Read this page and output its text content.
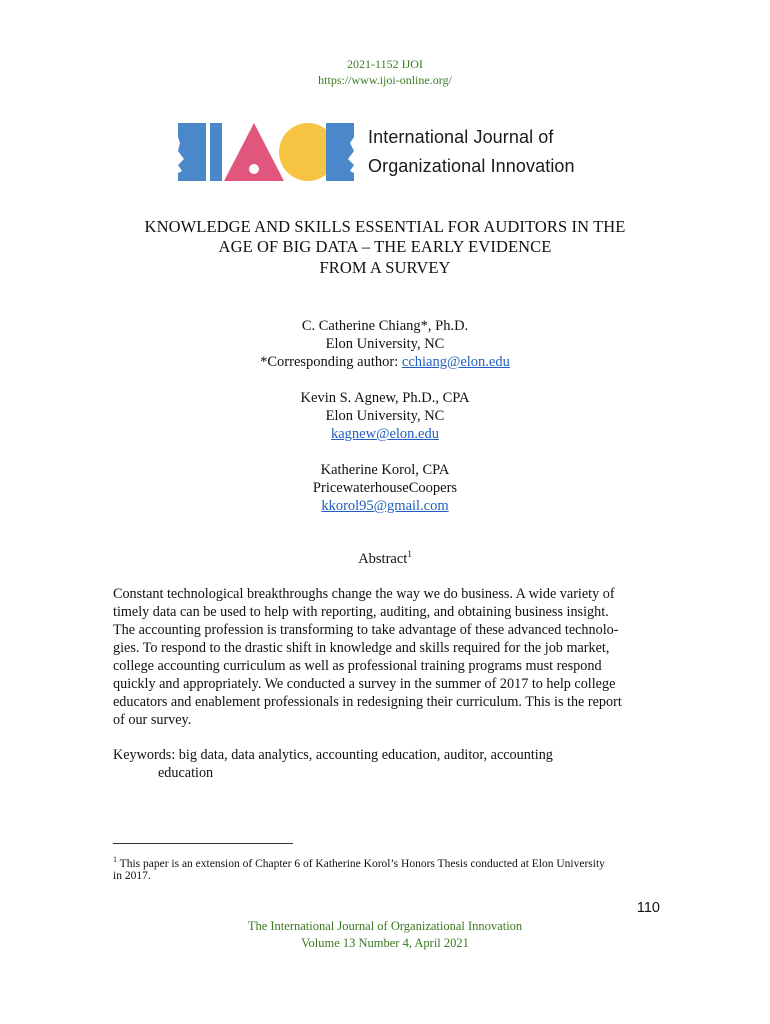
2021-1152 IJOI
https://www.ijoi-online.org/
International Journal of
Organizational Innovation
KNOWLEDGE AND SKILLS ESSENTIAL FOR AUDITORS IN THE
AGE OF BIG DATA – THE EARLY EVIDENCE
FROM A SURVEY
C. Catherine Chiang*, Ph.D.
Elon University, NC
*Corresponding author: cchiang@elon.edu
Kevin S. Agnew, Ph.D., CPA
Elon University, NC
kagnew@elon.edu
Katherine Korol, CPA
PricewaterhouseCoopers
kkorol95@gmail.com
Abstract$^1$
Constant technological breakthroughs change the way we do business. A wide variety of
timely data can be used to help with reporting, auditing, and obtaining business insight.
The accounting profession is transforming to take advantage of these advanced technolo-
gies. To respond to the drastic shift in knowledge and skills required for the job market,
college accounting curriculum as well as professional training programs must respond
quickly and appropriately. We conducted a survey in the summer of 2017 to help college
educators and enablement professionals in redesigning their curriculum. This is the report
of our survey.
Keywords: big data, data analytics, accounting education, auditor, accounting
education
$^1$ This paper is an extension of Chapter 6 of Katherine Korol’s Honors Thesis conducted at Elon University
in 2017.
110
The International Journal of Organizational Innovation
Volume 13 Number 4, April 2021
